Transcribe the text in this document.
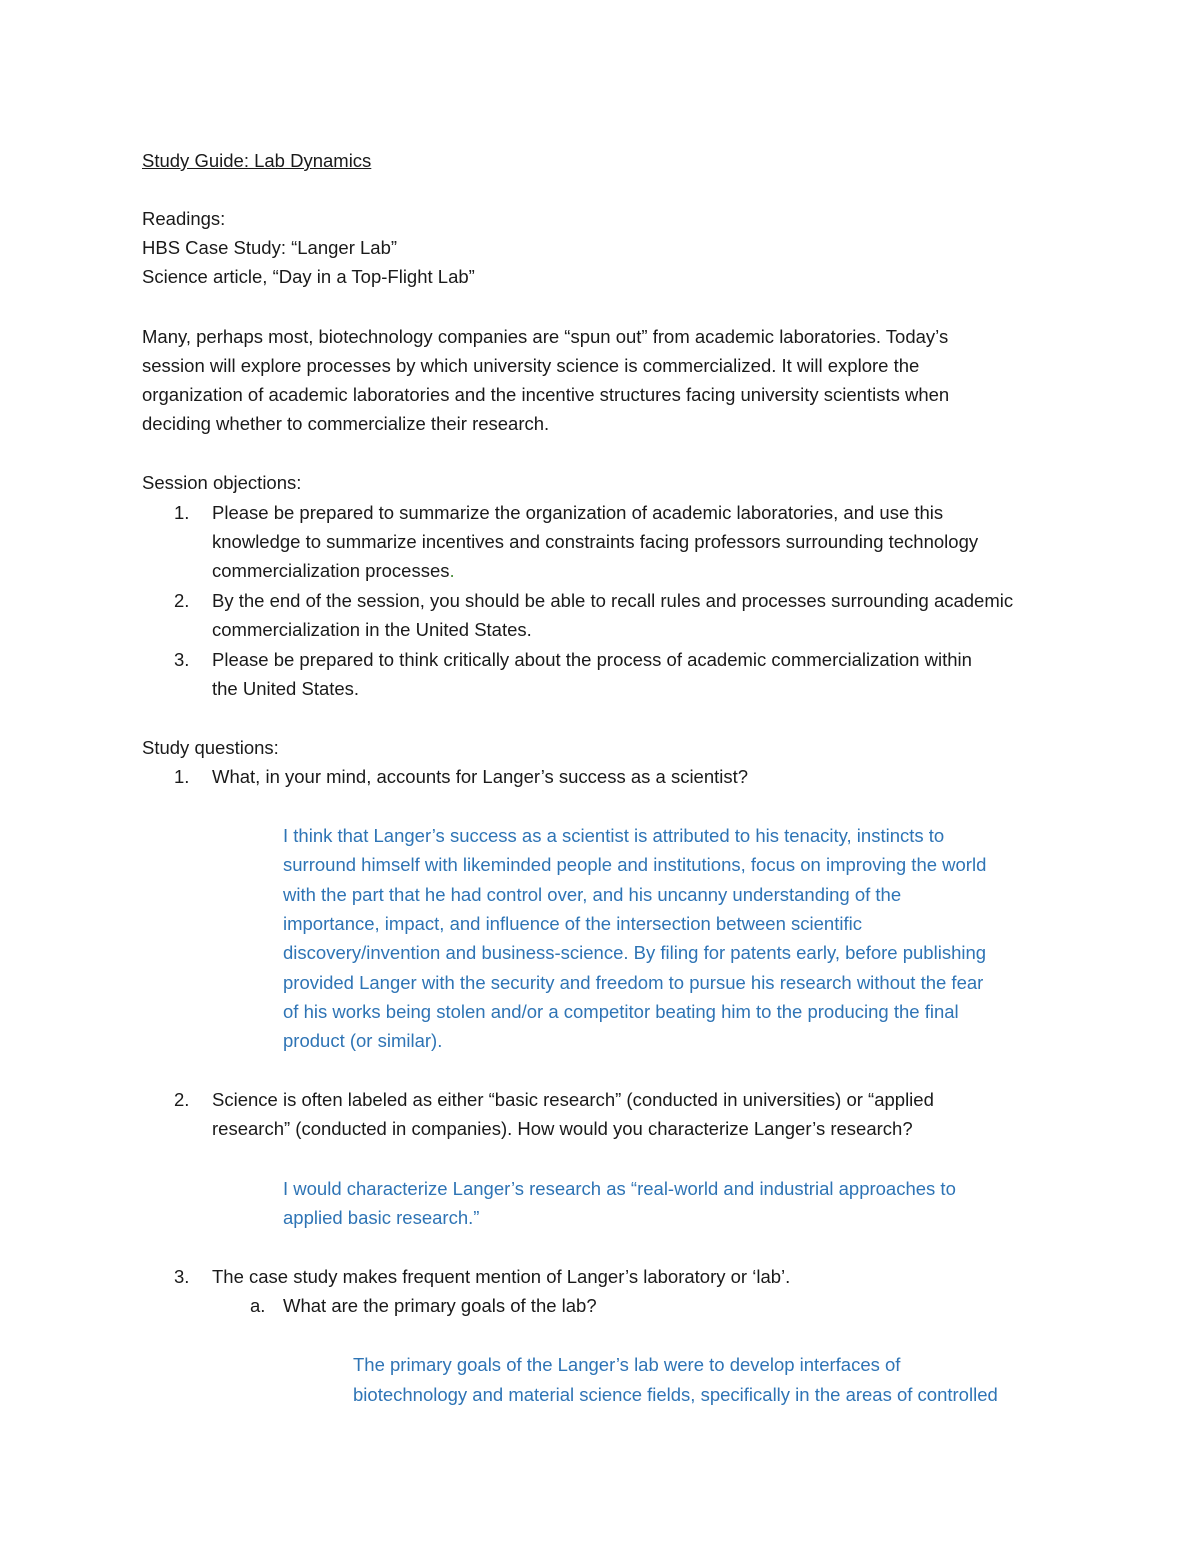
Study Guide: Lab Dynamics
Readings:
HBS Case Study: “Langer Lab”
Science article, “Day in a Top-Flight Lab”
Many, perhaps most, biotechnology companies are “spun out” from academic laboratories. Today’s
session will explore processes by which university science is commercialized. It will explore the
organization of academic laboratories and the incentive structures facing university scientists when
deciding whether to commercialize their research.
Session objections:
1. Please be prepared to summarize the organization of academic laboratories, and use this
knowledge to summarize incentives and constraints facing professors surrounding technology
commercialization processes.
2. By the end of the session, you should be able to recall rules and processes surrounding academic
commercialization in the United States.
3. Please be prepared to think critically about the process of academic commercialization within
the United States.
Study questions:
1. What, in your mind, accounts for Langer’s success as a scientist?
I think that Langer’s success as a scientist is attributed to his tenacity, instincts to
surround himself with likeminded people and institutions, focus on improving the world
with the part that he had control over, and his uncanny understanding of the
importance, impact, and influence of the intersection between scientific
discovery/invention and business-science. By filing for patents early, before publishing
provided Langer with the security and freedom to pursue his research without the fear
of his works being stolen and/or a competitor beating him to the producing the final
product (or similar).
2. Science is often labeled as either “basic research” (conducted in universities) or “applied
research” (conducted in companies). How would you characterize Langer’s research?
I would characterize Langer’s research as “real-world and industrial approaches to
applied basic research.”
3. The case study makes frequent mention of Langer’s laboratory or ‘lab’.
a. What are the primary goals of the lab?
The primary goals of the Langer’s lab were to develop interfaces of
biotechnology and material science fields, specifically in the areas of controlled
